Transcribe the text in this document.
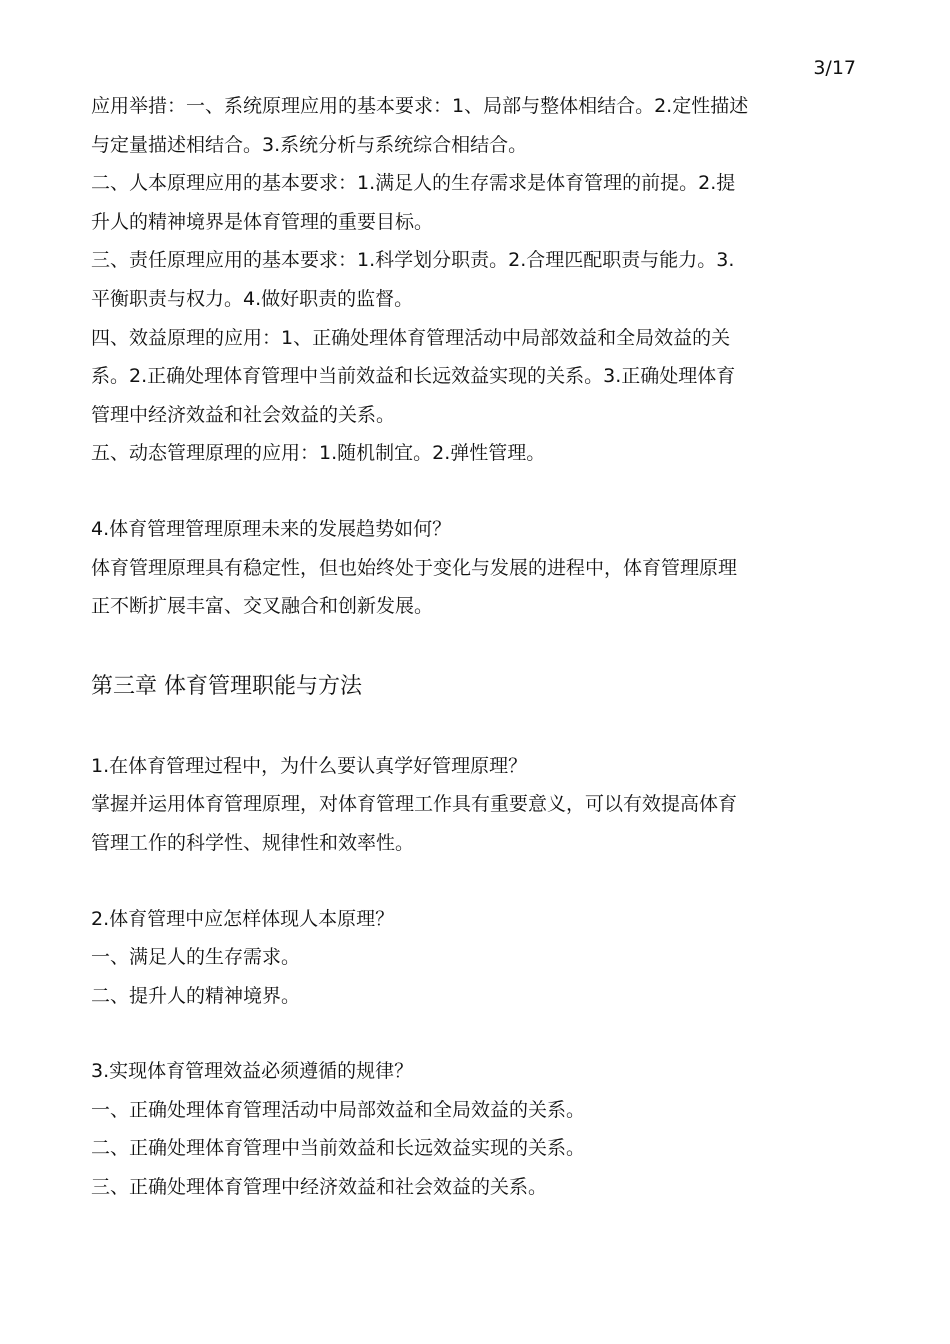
3/17
应用举措：一、系统原理应用的基本要求：1、局部与整体相结合。2.定性描述
与定量描述相结合。3.系统分析与系统综合相结合。
二、人本原理应用的基本要求：1.满足人的生存需求是体育管理的前提。2.提
升人的精神境界是体育管理的重要目标。
三、责任原理应用的基本要求：1.科学划分职责。2.合理匹配职责与能力。3.
平衡职责与权力。4.做好职责的监督。
四、效益原理的应用：1、正确处理体育管理活动中局部效益和全局效益的关
系。2.正确处理体育管理中当前效益和长远效益实现的关系。3.正确处理体育
管理中经济效益和社会效益的关系。
五、动态管理原理的应用：1.随机制宜。2.弹性管理。
4.体育管理管理原理未来的发展趋势如何？
体育管理原理具有稳定性，但也始终处于变化与发展的进程中，体育管理原理
正不断扩展丰富、交叉融合和创新发展。
第三章 体育管理职能与方法
1.在体育管理过程中，为什么要认真学好管理原理？
掌握并运用体育管理原理，对体育管理工作具有重要意义，可以有效提高体育
管理工作的科学性、规律性和效率性。
2.体育管理中应怎样体现人本原理？
一、满足人的生存需求。
二、提升人的精神境界。
3.实现体育管理效益必须遵循的规律？
一、正确处理体育管理活动中局部效益和全局效益的关系。
二、正确处理体育管理中当前效益和长远效益实现的关系。
三、正确处理体育管理中经济效益和社会效益的关系。
